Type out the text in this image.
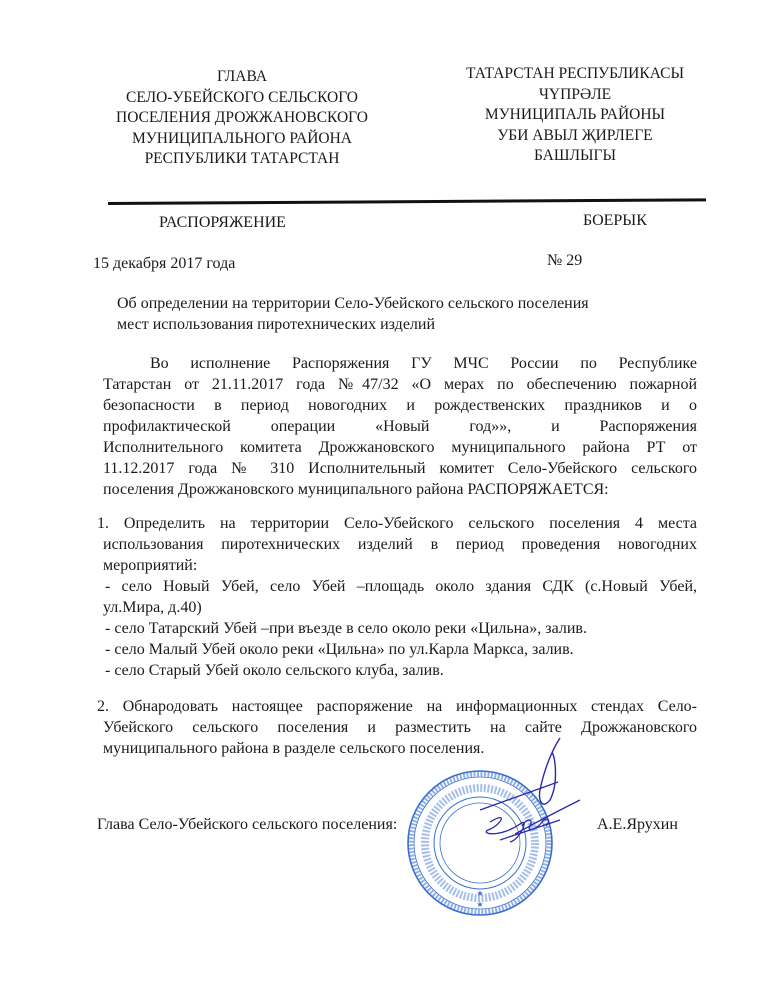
ГЛАВА
СЕЛО-УБЕЙСКОГО СЕЛЬСКОГО
ПОСЕЛЕНИЯ ДРОЖЖАНОВСКОГО
МУНИЦИПАЛЬНОГО РАЙОНА
РЕСПУБЛИКИ ТАТАРСТАН
ТАТАРСТАН РЕСПУБЛИКАСЫ
ЧҮПРӘЛЕ
МУНИЦИПАЛЬ РАЙОНЫ
УБИ АВЫЛ ҖИРЛЕГЕ
БАШЛЫГЫ
РАСПОРЯЖЕНИЕ	БОЕРЫК
15 декабря 2017 года	№ 29
Об определении на территории Село-Убейского сельского поселения
мест использования пиротехнических изделий
Во исполнение Распоряжения ГУ МЧС России по Республике
Татарстан от 21.11.2017 года №47/32 «О мерах по обеспечению пожарной
безопасности в период новогодних и рождественских праздников и о
профилактической операции «Новый год»», и Распоряжения
Исполнительного комитета Дрожжановского муниципального района РТ от
11.12.2017 года № 310 Исполнительный комитет Село-Убейского сельского
поселения Дрожжановского муниципального района РАСПОРЯЖАЕТСЯ:
1. Определить на территории Село-Убейского сельского поселения 4 места
использования пиротехнических изделий в период проведения новогодних
мероприятий:
- село Новый Убей, село Убей –площадь около здания СДК (с.Новый Убей,
ул.Мира, д.40)
- село Татарский Убей –при въезде в село около реки «Цильна», залив.
- село Малый Убей около реки «Цильна» по ул.Карла Маркса, залив.
- село Старый Убей около сельского клуба, залив.
2. Обнародовать настоящее распоряжение на информационных стендах Село-
Убейского сельского поселения и разместить на сайте Дрожжановского
муниципального района в разделе сельского поселения.
★
★
Глава Село-Убейского сельского поселения:	А.Е.Ярухин
